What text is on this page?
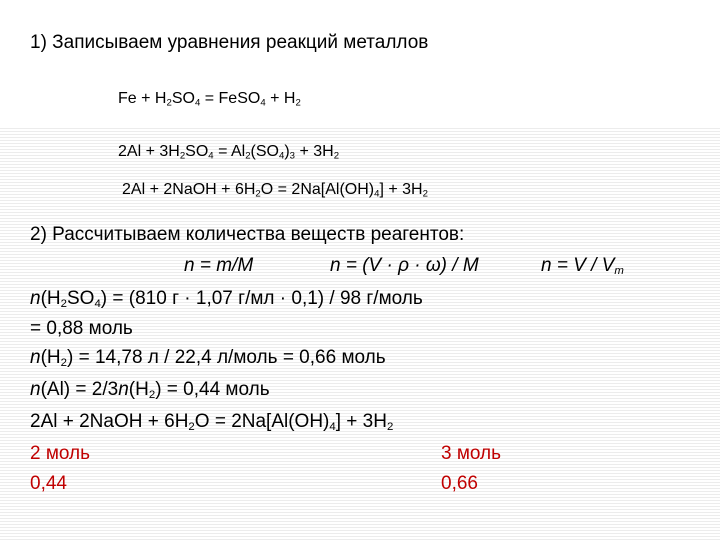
1) Записываем уравнения реакций металлов
$Fe + H_2SO_4$ = FeSO$_4$ + $H_2$
$2Al + 3H_2SO_4 = Al_2(SO_4)_3 + 3H_2$
2Al + 2NaOH + $6H_2O = 2Na[Al(OH)_4] + 3H_2$
2) Рассчитываем количества веществ реагентов:
n = m/M	n = (V · ρ · ω) / M	$n = V / V_m$
$n(H_2SO_4) = (810$ г · 1,07 г/мл · 0,1) / 98 г/моль
= 0,88 моль
$n(H_2) = 14,78$ л / 22,4 л/моль = 0,66 моль
$n(Al) = 2/3n(H_2) = 0,44$ моль
2Al + 2NaOH + $6H_2O = 2Na[Al(OH)_4] + 3H_2$
2 моль	3 моль
0,44	0,66
